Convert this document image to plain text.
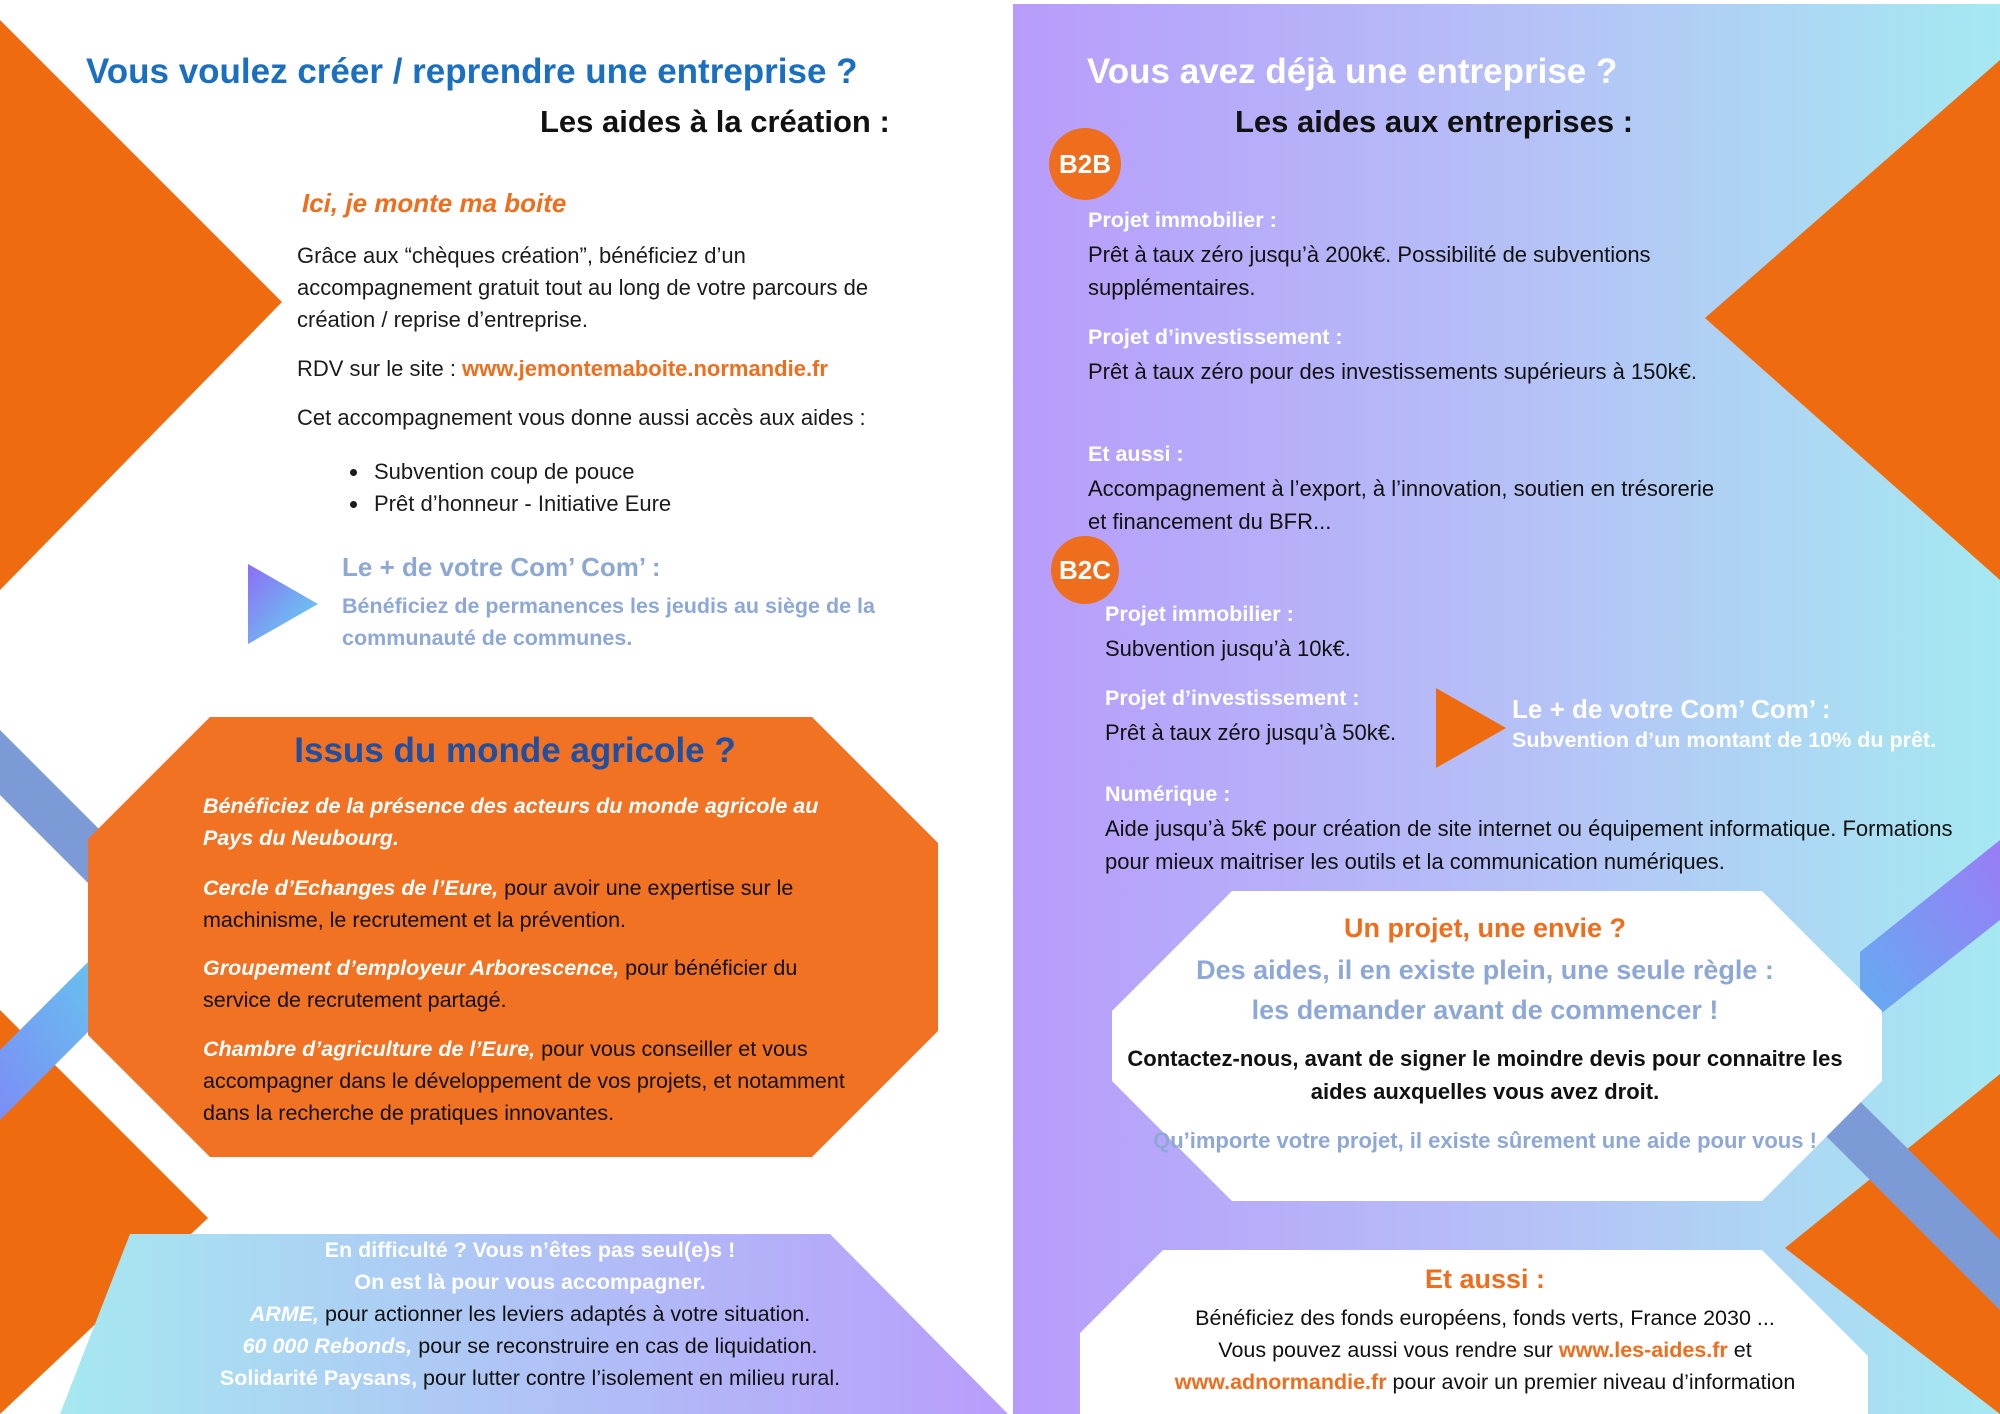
Vous voulez créer / reprendre une entreprise ?
Les aides à la création :
Ici, je monte ma boite

Grâce aux “chèques création”, bénéficiez d’un accompagnement gratuit tout au long de votre parcours de création / reprise d’entreprise.

RDV sur le site : www.jemontemaboite.normandie.fr

Cet accompagnement vous donne aussi accès aux aides :

• Subvention coup de pouce
• Prêt d’honneur - Initiative Eure
Le + de votre Com’ Com’ :

Bénéficiez de permanences les jeudis au siège de la communauté de communes.

Issus du monde agricole ?

Bénéficiez de la présence des acteurs du monde agricole au Pays du Neubourg.

Cercle d’Echanges de l’Eure, pour avoir une expertise sur le machinisme, le recrutement et la prévention.

Groupement d’employeur Arborescence, pour bénéficier du service de recrutement partagé.

Chambre d’agriculture de l’Eure, pour vous conseiller et vous accompagner dans le développement de vos projets, et notamment dans la recherche de pratiques innovantes.

En difficulté ? Vous n’êtes pas seul(e)s !
On est là pour vous accompagner.
ARME, pour actionner les leviers adaptés à votre situation.
60 000 Rebonds, pour se reconstruire en cas de liquidation.
Solidarité Paysans, pour lutter contre l’isolement en milieu rural.
Vous avez déjà une entreprise ?
Les aides aux entreprises :
B2B
Projet immobilier :

Prêt à taux zéro jusqu’à 200k€. Possibilité de subventions supplémentaires.

Projet d’investissement :

Prêt à taux zéro pour des investissements supérieurs à 150k€.

Et aussi :

Accompagnement à l’export, à l’innovation, soutien en trésorerie et financement du BFR...

B2C
Projet immobilier :

Subvention jusqu’à 10k€.

Projet d’investissement :

Prêt à taux zéro jusqu’à 50k€.

Le + de votre Com’ Com’ :
Subvention d’un montant de 10% du prêt.
Numérique :

Aide jusqu’à 5k€ pour création de site internet ou équipement informatique. Formations pour mieux maitriser les outils et la communication numériques.

Un projet, une envie ?
Des aides, il en existe plein, une seule règle :
les demander avant de commencer !

Contactez-nous, avant de signer le moindre devis pour connaitre les aides auxquelles vous avez droit.

Qu’importe votre projet, il existe sûrement une aide pour vous !

Et aussi :
Bénéficiez des fonds européens, fonds verts, France 2030 ...
Vous pouvez aussi vous rendre sur www.les-aides.fr et
www.adnormandie.fr pour avoir un premier niveau d’information
